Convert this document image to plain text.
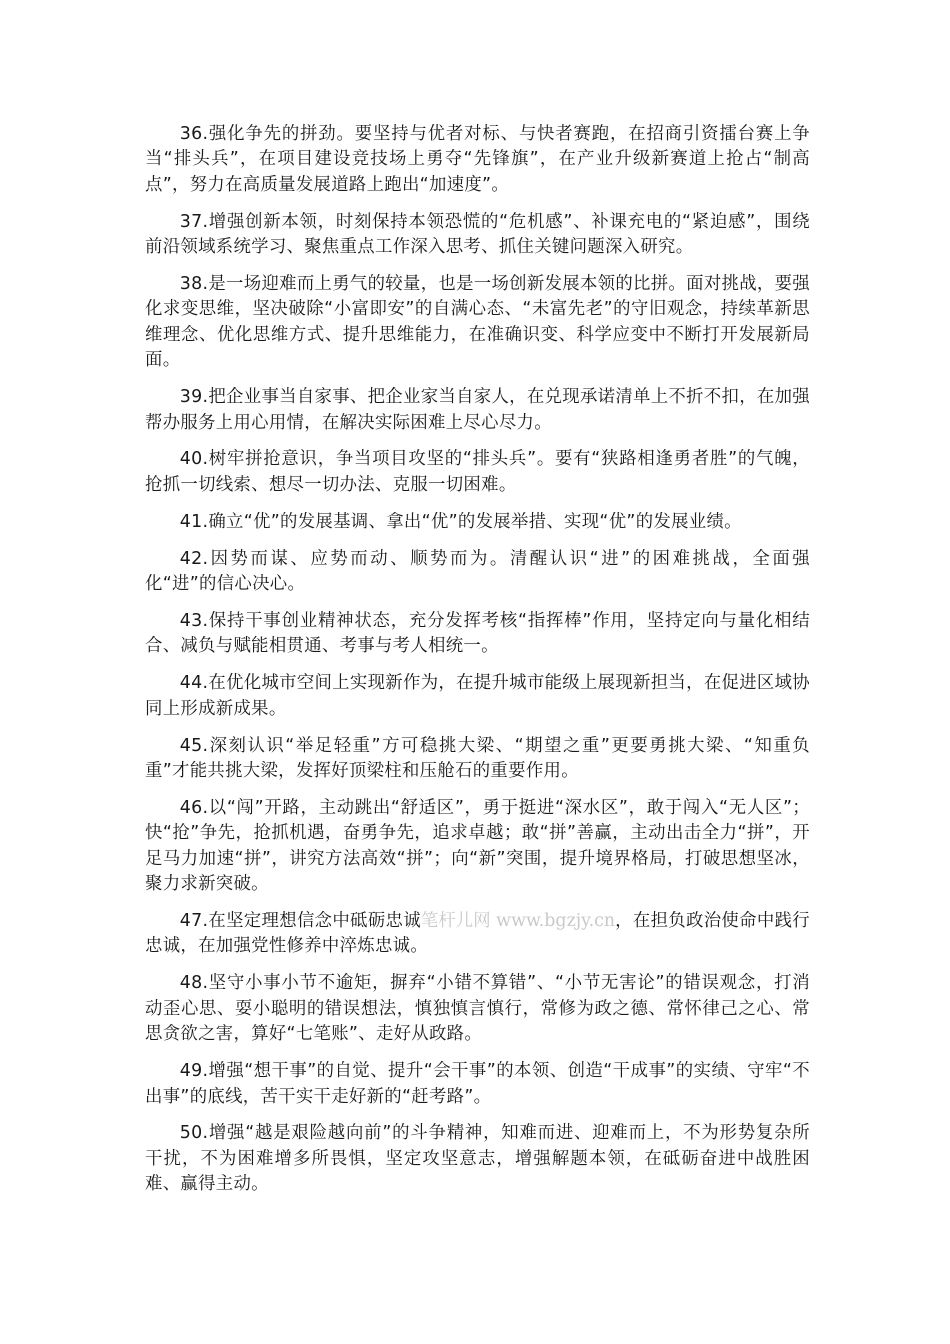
36.强化争先的拼劲。要坚持与优者对标、与快者赛跑，在招商引资擂台赛上争当“排头兵”，在项目建设竞技场上勇夺“先锋旗”，在产业升级新赛道上抢占“制高点”，努力在高质量发展道路上跑出“加速度”。

37.增强创新本领，时刻保持本领恐慌的“危机感”、补课充电的“紧迫感”，围绕前沿领域系统学习、聚焦重点工作深入思考、抓住关键问题深入研究。

38.是一场迎难而上勇气的较量，也是一场创新发展本领的比拼。面对挑战，要强化求变思维，坚决破除“小富即安”的自满心态、“未富先老”的守旧观念，持续革新思维理念、优化思维方式、提升思维能力，在准确识变、科学应变中不断打开发展新局面。

39.把企业事当自家事、把企业家当自家人，在兑现承诺清单上不折不扣，在加强帮办服务上用心用情，在解决实际困难上尽心尽力。

40.树牢拼抢意识，争当项目攻坚的“排头兵”。要有“狭路相逢勇者胜”的气魄，抢抓一切线索、想尽一切办法、克服一切困难。

41.确立“优”的发展基调、拿出“优”的发展举措、实现“优”的发展业绩。

42.因势而谋、应势而动、顺势而为。清醒认识“进”的困难挑战，全面强化“进”的信心决心。

43.保持干事创业精神状态，充分发挥考核“指挥棒”作用，坚持定向与量化相结合、减负与赋能相贯通、考事与考人相统一。

44.在优化城市空间上实现新作为，在提升城市能级上展现新担当，在促进区域协同上形成新成果。

45.深刻认识“举足轻重”方可稳挑大梁、“期望之重”更要勇挑大梁、“知重负重”才能共挑大梁，发挥好顶梁柱和压舱石的重要作用。

46.以“闯”开路，主动跳出“舒适区”，勇于挺进“深水区”，敢于闯入“无人区”；快“抢”争先，抢抓机遇，奋勇争先，追求卓越；敢“拼”善赢，主动出击全力“拼”，开足马力加速“拼”，讲究方法高效“拼”；向“新”突围，提升境界格局，打破思想坚冰，聚力求新突破。

47.在坚定理想信念中砥砺忠诚笔杆儿网 www.bgzjy.cn，在担负政治使命中践行忠诚，在加强党性修养中淬炼忠诚。

48.坚守小事小节不逾矩，摒弃“小错不算错”、“小节无害论”的错误观念，打消动歪心思、耍小聪明的错误想法，慎独慎言慎行，常修为政之德、常怀律己之心、常思贪欲之害，算好“七笔账”、走好从政路。

49.增强“想干事”的自觉、提升“会干事”的本领、创造“干成事”的实绩、守牢“不出事”的底线，苦干实干走好新的“赶考路”。

50.增强“越是艰险越向前”的斗争精神，知难而进、迎难而上，不为形势复杂所干扰，不为困难增多所畏惧，坚定攻坚意志，增强解题本领，在砥砺奋进中战胜困难、赢得主动。
